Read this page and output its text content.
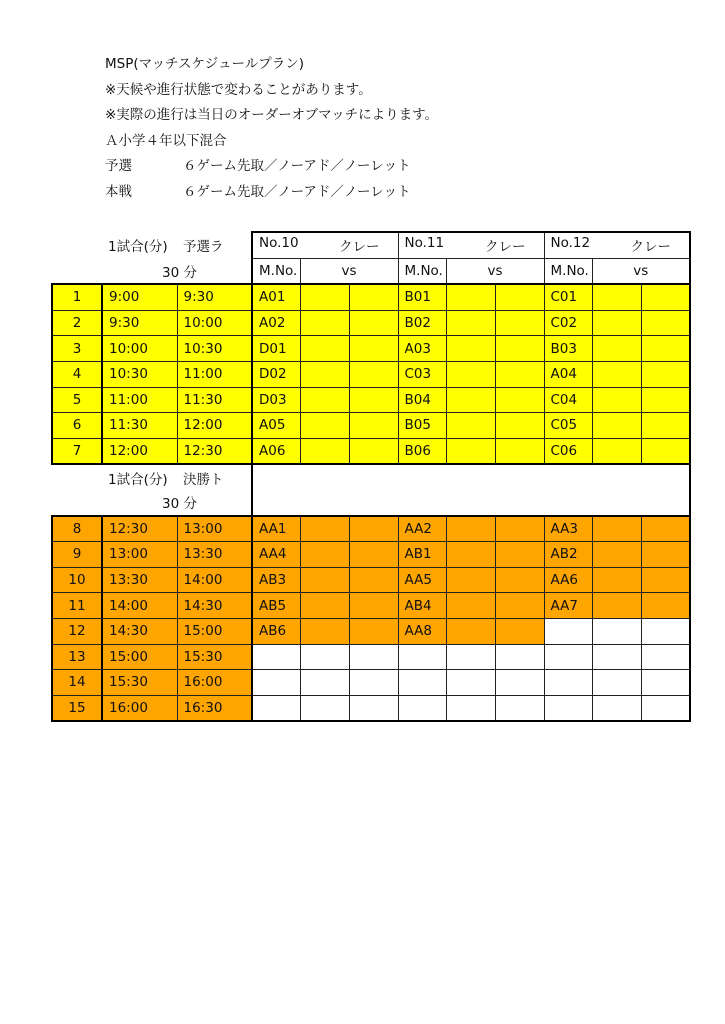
MSP(マッチスケジュールプラン)
※天候や進行状態で変わることがあります。
※実際の進行は当日のオーダーオブマッチによります。
Ａ小学４年以下混合
予選	６ゲーム先取／ノーアド／ノーレット
本戦	６ゲーム先取／ノーアド／ノーレット
	1試合(分)	予選ラ	No.10 クレー			No.11 クレー			No.12 クレー		

	30 分		M.No.	vs		M.No.	vs		M.No.	vs	
1	9:00	9:30	A01			B01			C01		
2	9:30	10:00	A02			B02			C02		
3	10:00	10:30	D01			A03			B03		
4	10:30	11:00	D02			C03			A04		
5	11:00	11:30	D03			B04			C04		
6	11:30	12:00	A05			B05			C05		
7	12:00	12:30	A06			B06			C06		
	1試合(分)	決勝ト									
	30 分										
8	12:30	13:00	AA1			AA2			AA3		
9	13:00	13:30	AA4			AB1			AB2		
10	13:30	14:00	AB3			AA5			AA6		
11	14:00	14:30	AB5			AB4			AA7		
12	14:30	15:00	AB6			AA8					
13	15:00	15:30									
14	15:30	16:00									
15	16:00	16:30									
